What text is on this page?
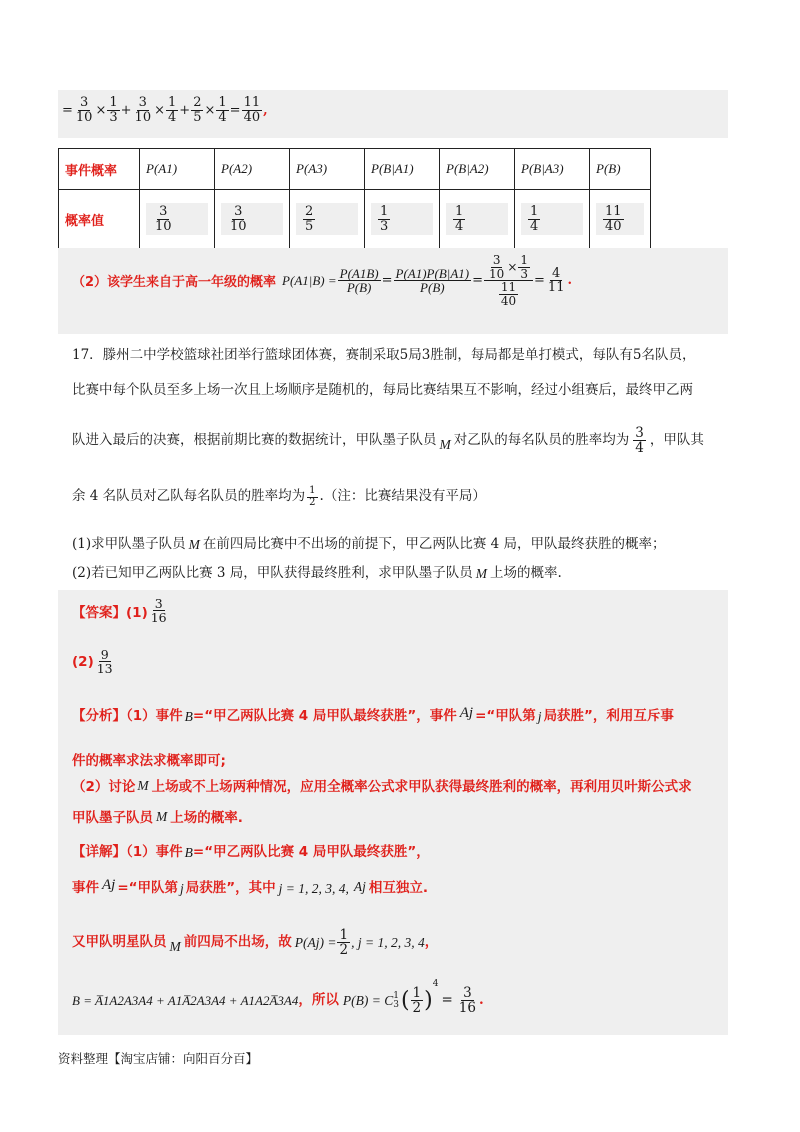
= $\frac{3}{10} \times \frac{1}{3} + \frac{3}{10} \times \frac{1}{4} + \frac{2}{5} \times \frac{1}{4} = \frac{11}{40}$ ,
事件概率	P(A1)	P(A2)	P(A3)	P(B|A1)	P(B|A2)	P(B|A3)	P(B)

概率值	$\frac{3}{10}$	$\frac{3}{10}$	$\frac{2}{5}$	$\frac{1}{3}$	$\frac{1}{4}$	$\frac{1}{4}$	$\frac{11}{40}$
（2）该学生来自于高一年级的概率 $P(A1|B) = \frac{P(A1B)}{P(B)} = \frac{P(A1)P(B|A1)}{P(B)} = \frac{\frac{3}{10} \times \frac{1}{3}}{\frac{11}{40}} = \frac{4}{11}$ .
17．滕州二中学校篮球社团举行篮球团体赛，赛制采取5局3胜制，每局都是单打模式，每队有5名队员，
比赛中每个队员至多上场一次且上场顺序是随机的，每局比赛结果互不影响，经过小组赛后，最终甲乙两
队进入最后的决赛，根据前期比赛的数据统计，甲队墨子队员 M 对乙队的每名队员的胜率均为 $\frac{3}{4}$ ，甲队其
余 4 名队员对乙队每名队员的胜率均为 $\frac{1}{2}$ .（注：比赛结果没有平局）
(1)求甲队墨子队员 M 在前四局比赛中不出场的前提下，甲乙两队比赛 4 局，甲队最终获胜的概率；
(2)若已知甲乙两队比赛 3 局，甲队获得最终胜利，求甲队墨子队员 M 上场的概率.
【答案】$(1) \frac{3}{16}$
$(2) \frac{9}{13}$
【分析】（1）事件 B =“甲乙两队比赛 4 局甲队最终获胜”，事件 Aj =“甲队第 j 局获胜”，利用互斥事
件的概率求法求概率即可;
（2）讨论 M 上场或不上场两种情况，应用全概率公式求甲队获得最终胜利的概率，再利用贝叶斯公式求
甲队墨子队员 M 上场的概率.
【详解】（1）事件 B =“甲乙两队比赛 4 局甲队最终获胜”，
事件 Aj =“甲队第 j 局获胜”，其中 j = 1, 2, 3, 4, Aj 相互独立.
又甲队明星队员 M 前四局不出场，故 $P(Aj) = \frac{1}{2}$ , j = 1, 2, 3, 4 ，
B = A̅1A2A3A4 + A1A̅2A3A4 + A1A2A̅3A4 ，所以 P(B) = C 1
3 ( $\frac{1}{2}$ )
4
= $\frac{3}{16}$ .
资料整理【淘宝店铺：向阳百分百】
